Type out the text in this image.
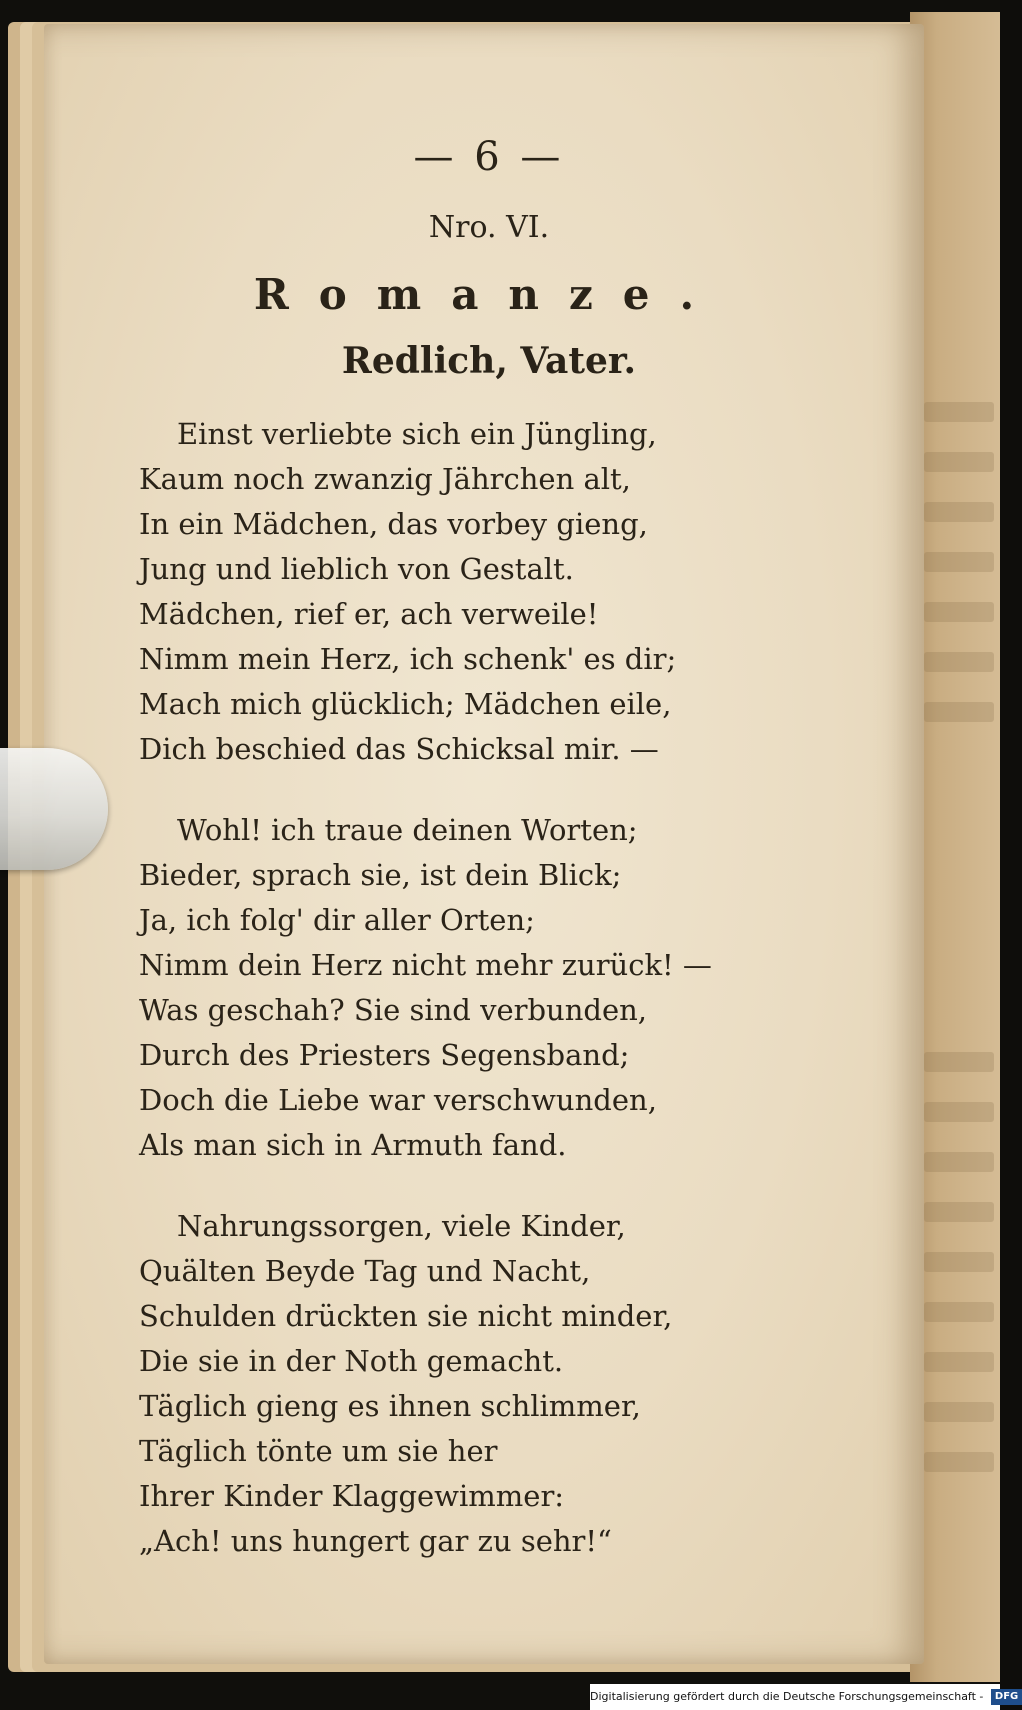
— 6 —
Nro. VI.
Romanze.
Redlich, Vater.
Einst verliebte sich ein Jüngling,
Kaum noch zwanzig Jährchen alt,
In ein Mädchen, das vorbey gieng,
Jung und lieblich von Gestalt.
Mädchen, rief er, ach verweile!
Nimm mein Herz, ich schenk' es dir;
Mach mich glücklich; Mädchen eile,
Dich beschied das Schicksal mir. —
Wohl! ich traue deinen Worten;
Bieder, sprach sie, ist dein Blick;
Ja, ich folg' dir aller Orten;
Nimm dein Herz nicht mehr zurück! —
Was geschah? Sie sind verbunden,
Durch des Priesters Segensband;
Doch die Liebe war verschwunden,
Als man sich in Armuth fand.
Nahrungssorgen, viele Kinder,
Quälten Beyde Tag und Nacht,
Schulden drückten sie nicht minder,
Die sie in der Noth gemacht.
Täglich gieng es ihnen schlimmer,
Täglich tönte um sie her
Ihrer Kinder Klaggewimmer:
„Ach! uns hungert gar zu sehr!“
Digitalisierung gefördert durch die Deutsche Forschungsgemeinschaft - DFG
